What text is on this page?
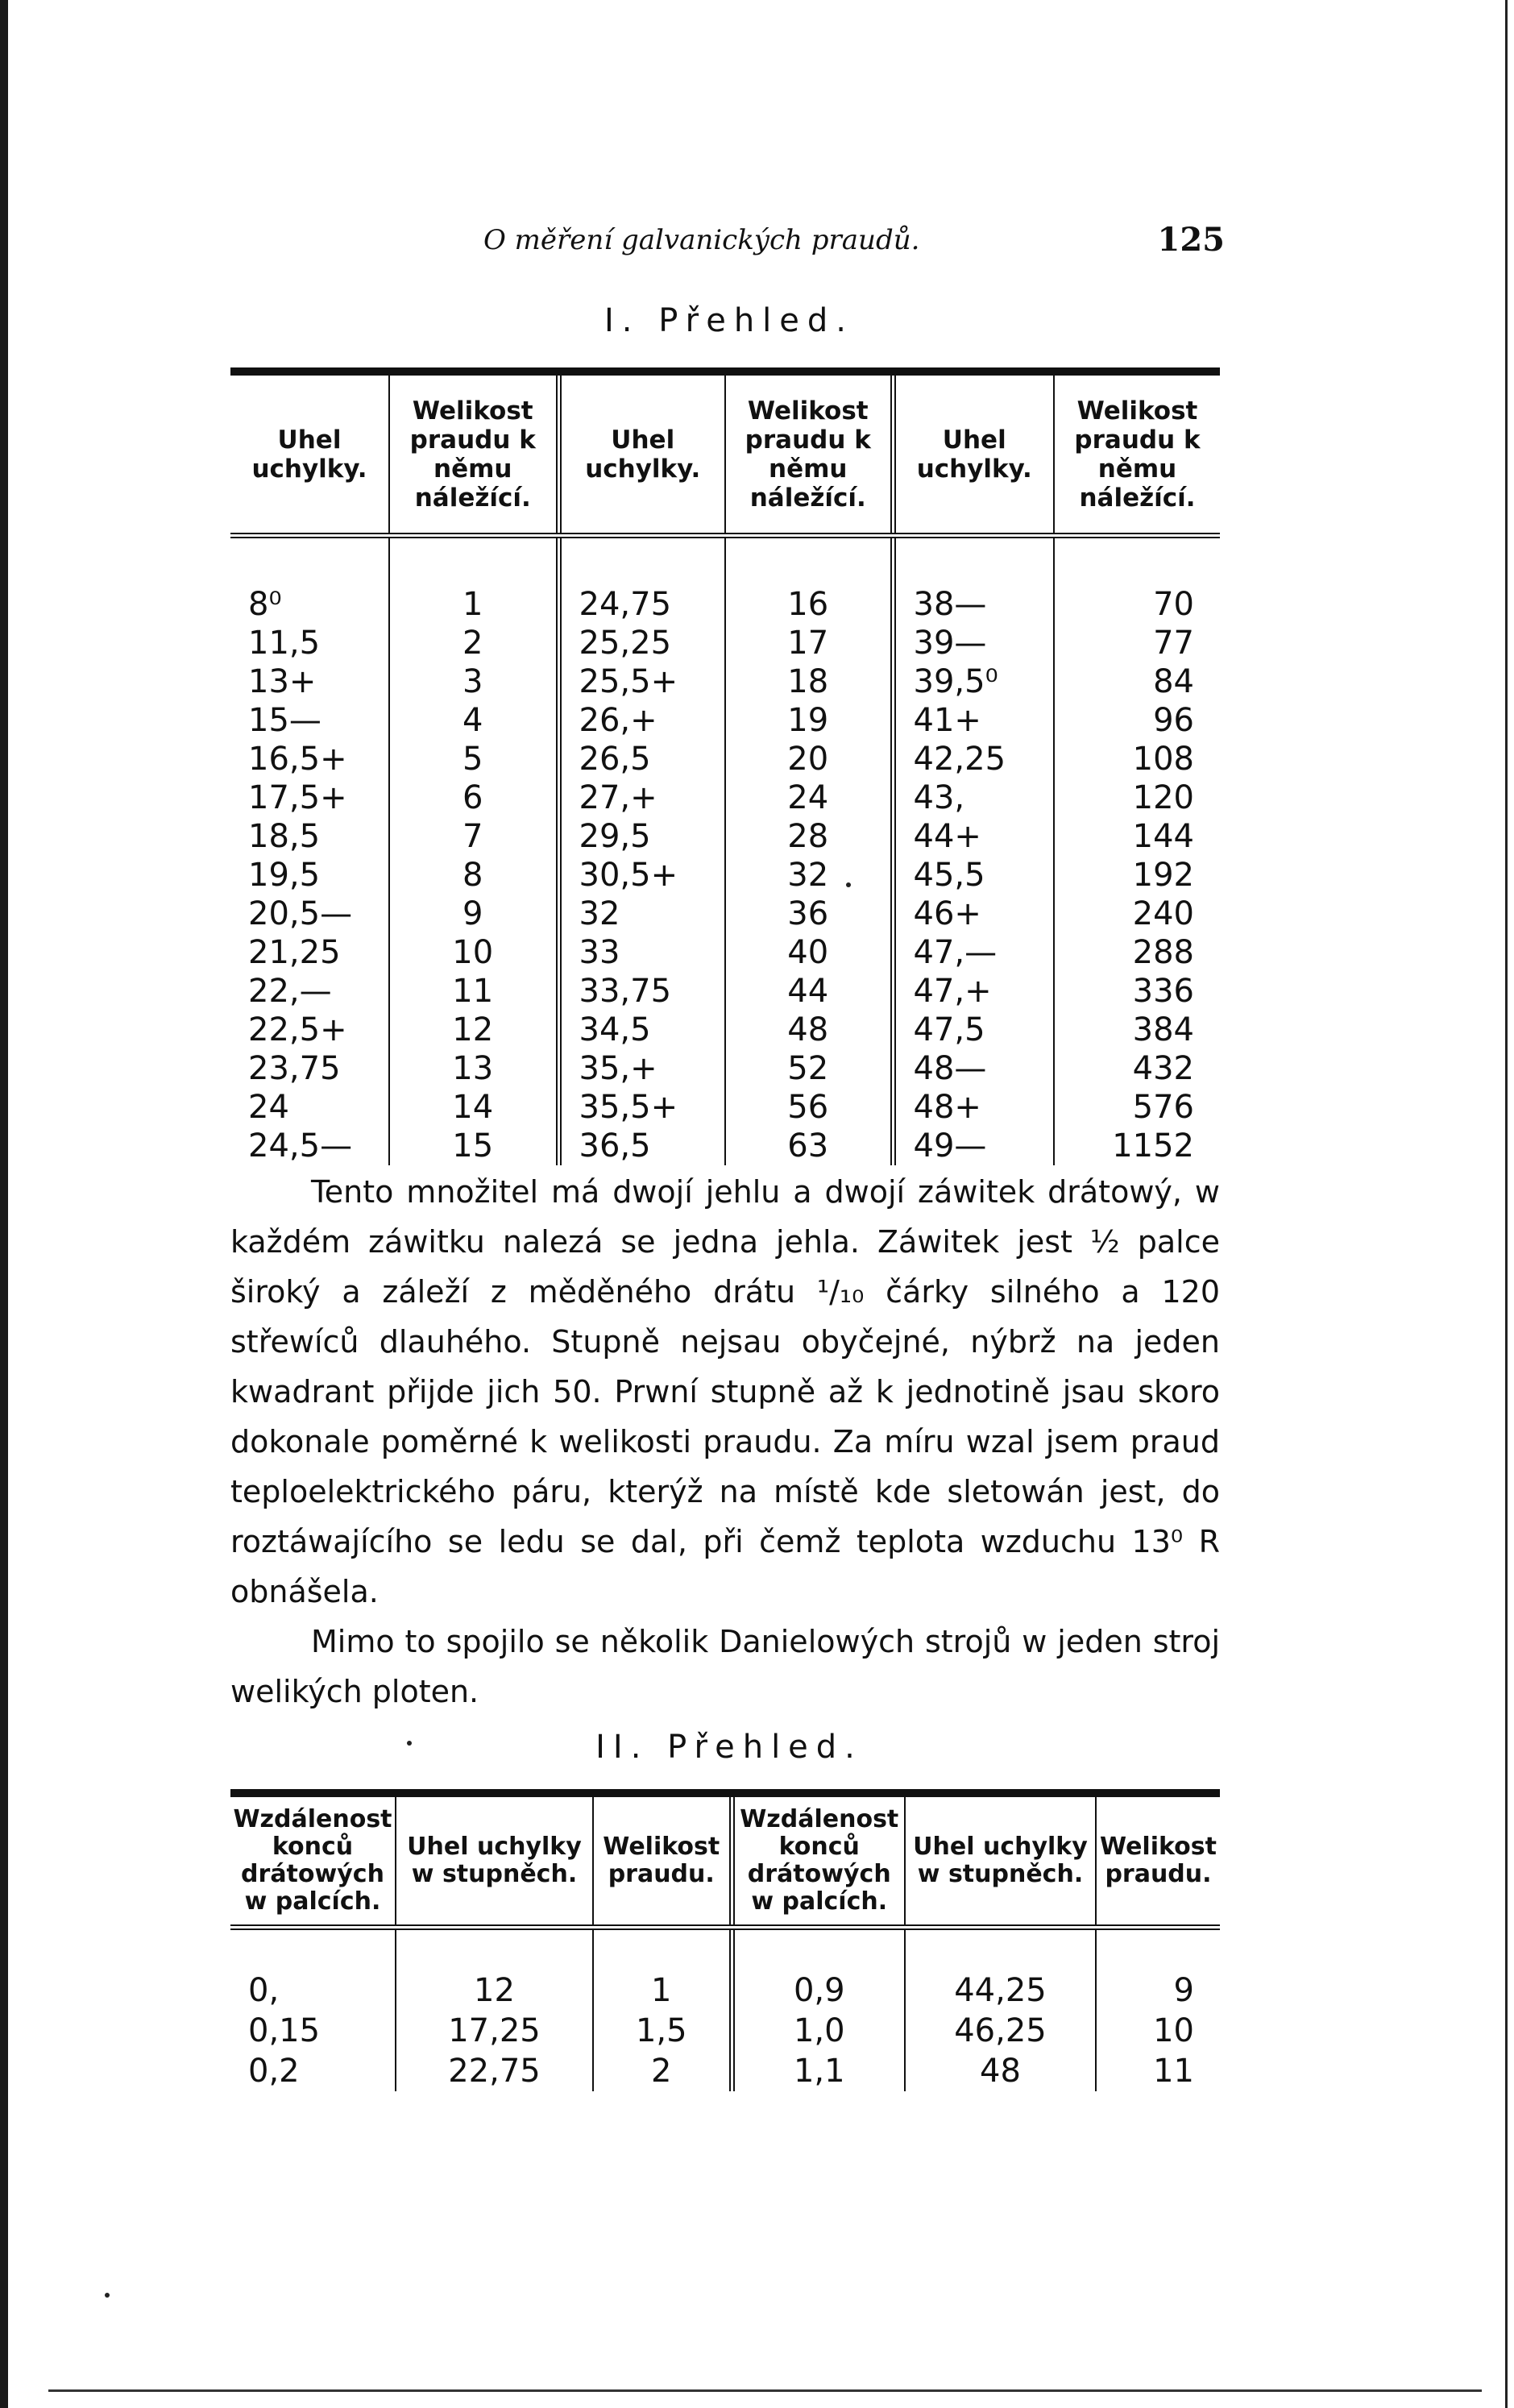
O měření galvanických praudů.	125
I. Přehled.
Uhel uchylky.	Welikost praudu k němu náležící.	Uhel uchylky.	Welikost praudu k němu náležící.	Uhel uchylky.	Welikost praudu k němu náležící.
8⁰	1	24,75	16	38—	70
11,5	2	25,25	17	39—	77
13+	3	25,5+	18	39,5⁰	84
15—	4	26,+	19	41+	96
16,5+	5	26,5	20	42,25	108
17,5+	6	27,+	24	43,	120
18,5	7	29,5	28	44+	144
19,5	8	30,5+	32	45,5	192
20,5—	9	32	36	46+	240
21,25	10	33	40	47,—	288
22,—	11	33,75	44	47,+	336
22,5+	12	34,5	48	47,5	384
23,75	13	35,+	52	48—	432
24	14	35,5+	56	48+	576
24,5—	15	36,5	63	49—	1152

Tento množitel má dwojí jehlu a dwojí záwitek drátowý, w každém záwitku nalezá se jedna jehla. Záwitek jest ½ palce široký a záleží z měděného drátu ¹/₁₀ čárky silného a 120 střewíců dlauhého. Stupně nejsau obyčejné, nýbrž na jeden kwadrant přijde jich 50. Prwní stupně až k jednotině jsau skoro dokonale poměrné k welikosti praudu. Za míru wzal jsem praud teploelektrického páru, kterýž na místě kde sletowán jest, do roztáwajícího se ledu se dal, při čemž teplota wzduchu 13⁰ R obnášela.

Mimo to spojilo se několik Danielowých strojů w jeden stroj welikých ploten.

II. Přehled.
Wzdálenost konců drátowých w palcích.	Uhel uchylky w stupněch.	Welikost praudu.	Wzdálenost konců drátowých w palcích.	Uhel uchylky w stupněch.	Welikost praudu.
0,	12	1	0,9	44,25	9
0,15	17,25	1,5	1,0	46,25	10
0,2	22,75	2	1,1	48	11
